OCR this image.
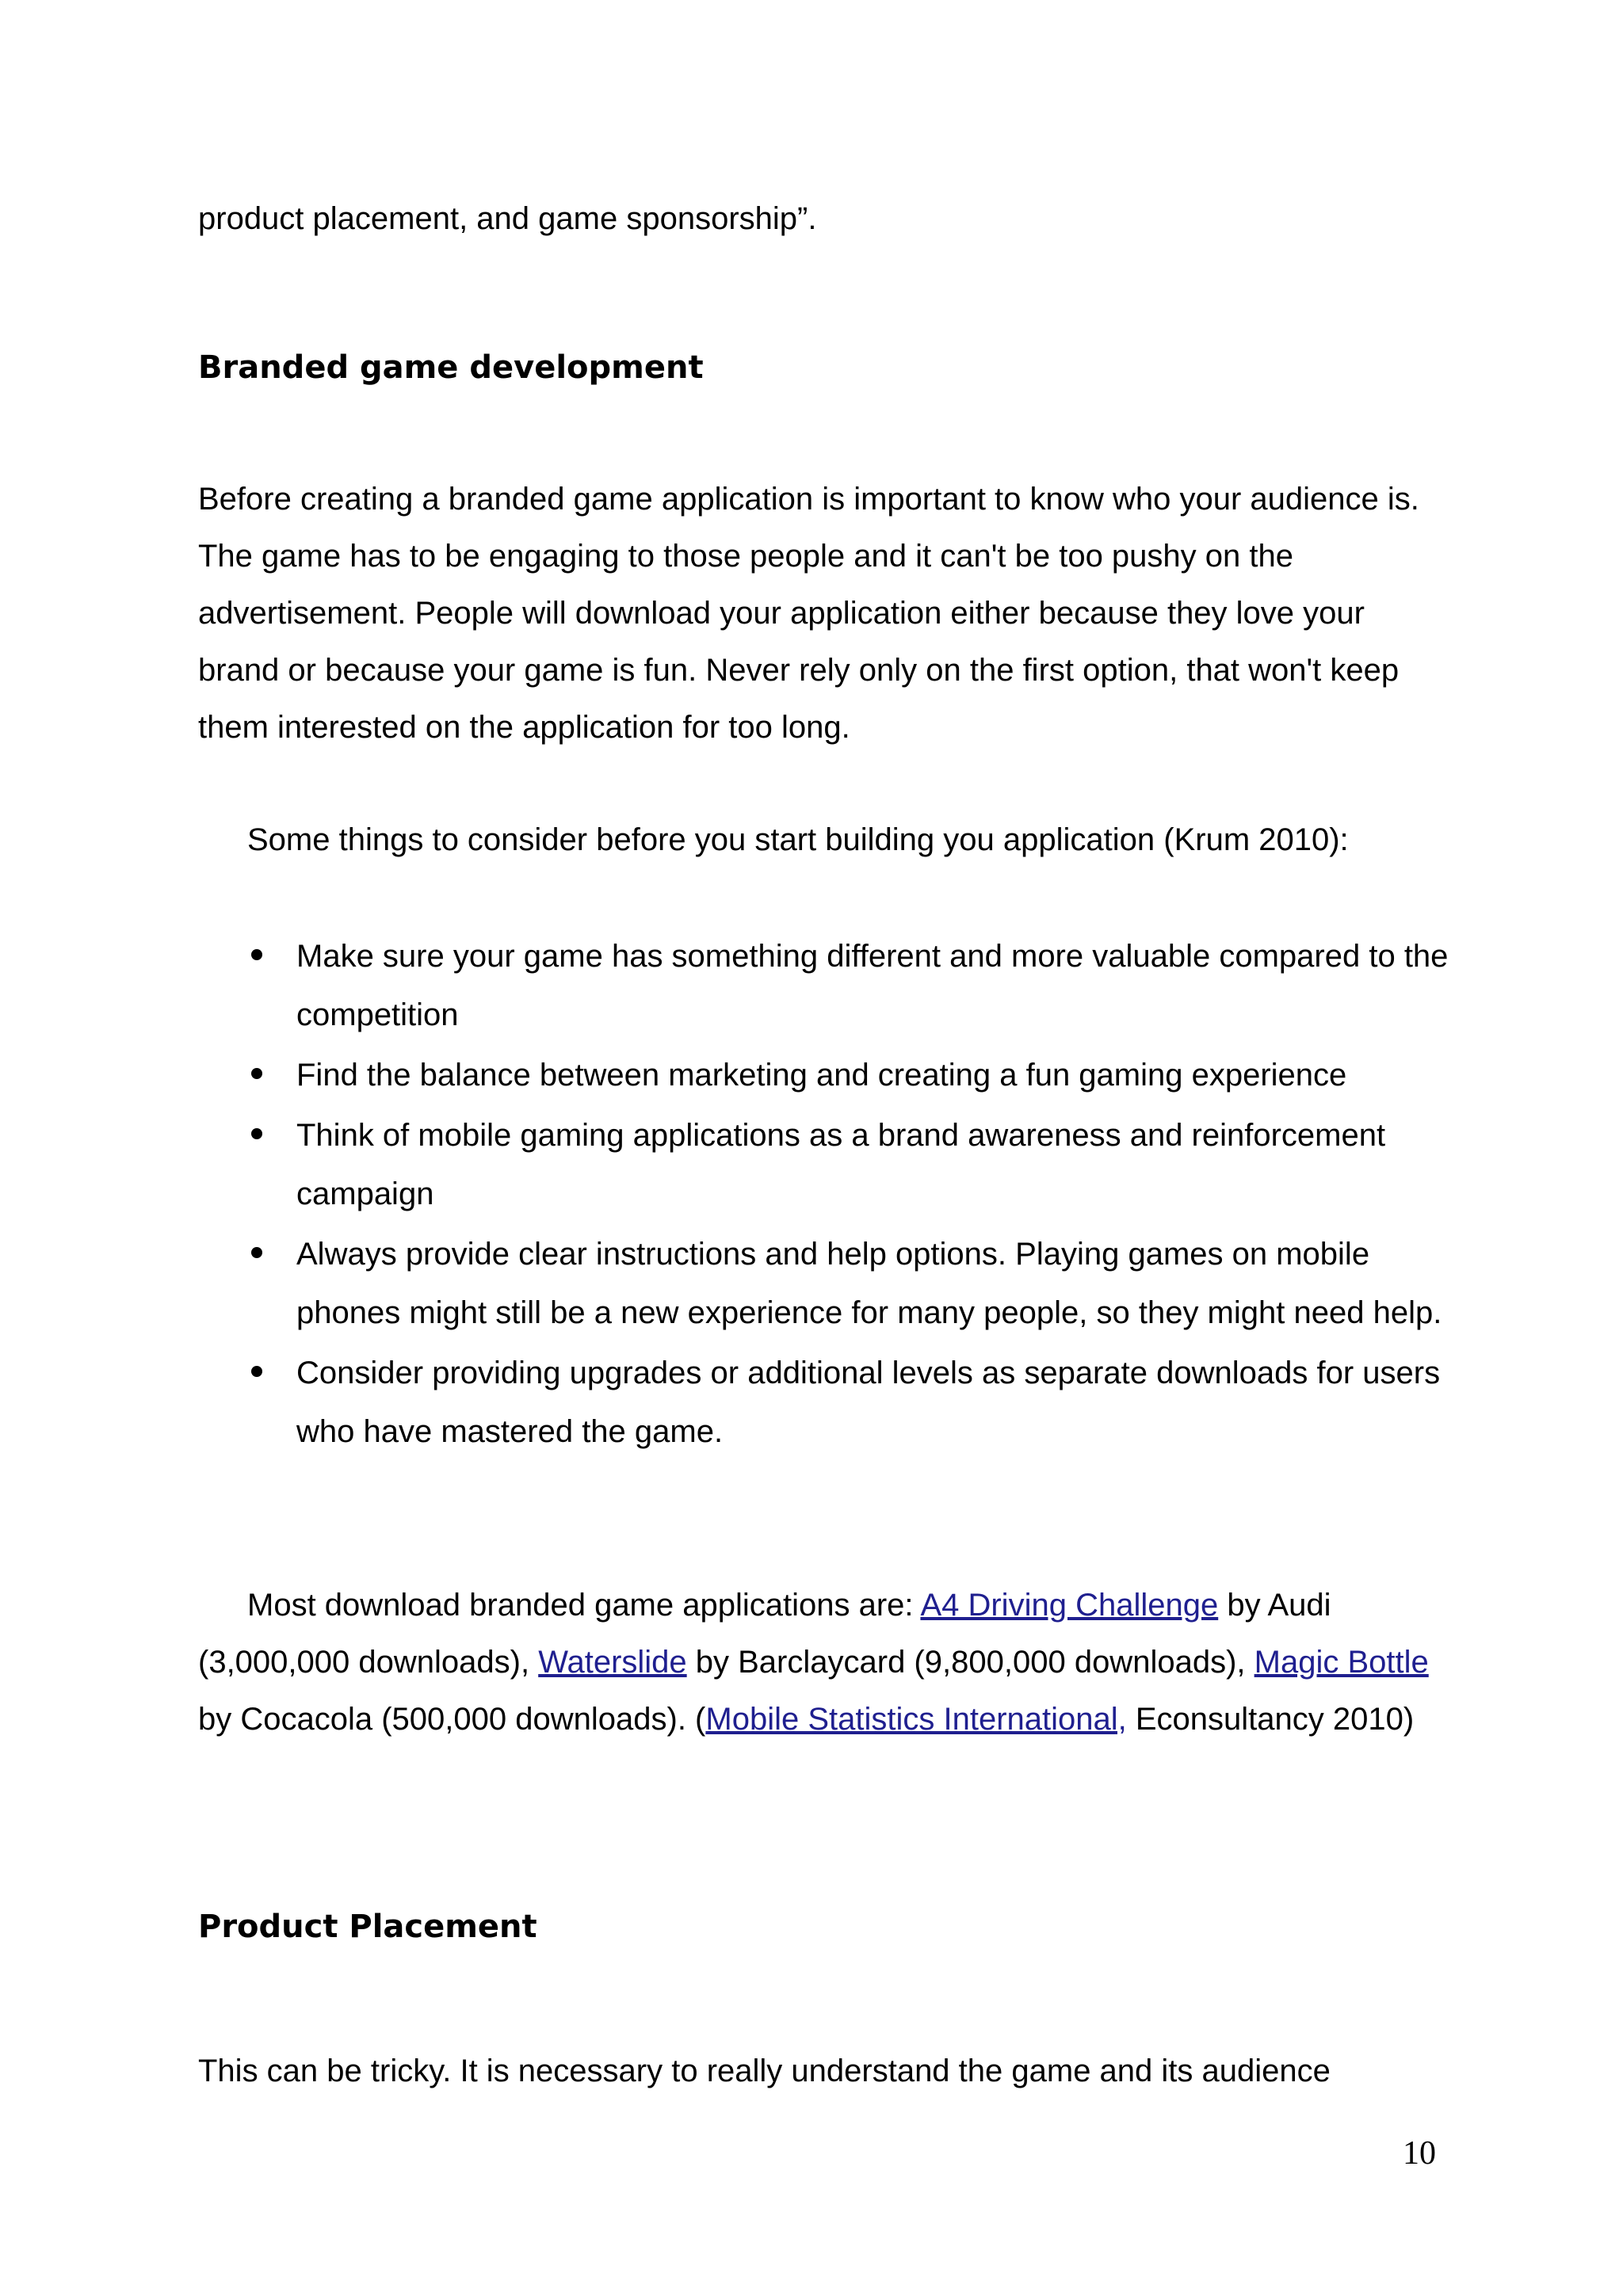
product placement, and game sponsorship”.

Branded game development

Before creating a branded game application is important to know who your audience is. The game has to be engaging to those people and it can't be too pushy on the advertisement. People will download your application either because they love your brand or because your game is fun. Never rely only on the first option, that won't keep them interested on the application for too long.

Some things to consider before you start building you application (Krum 2010):

Make sure your game has something different and more valuable compared to the competition
Find the balance between marketing and creating a fun gaming experience
Think of mobile gaming applications as a brand awareness and reinforcement campaign
Always provide clear instructions and help options. Playing games on mobile phones might still be a new experience for many people, so they might need help.
Consider providing upgrades or additional levels as separate downloads for users who have mastered the game.

Most download branded game applications are: A4 Driving Challenge by Audi (3,000,000 downloads), Waterslide by Barclaycard (9,800,000 downloads), Magic Bottle by Cocacola (500,000 downloads). (Mobile Statistics International, Econsultancy 2010)

Product Placement

This can be tricky. It is necessary to really understand the game and its audience

10
